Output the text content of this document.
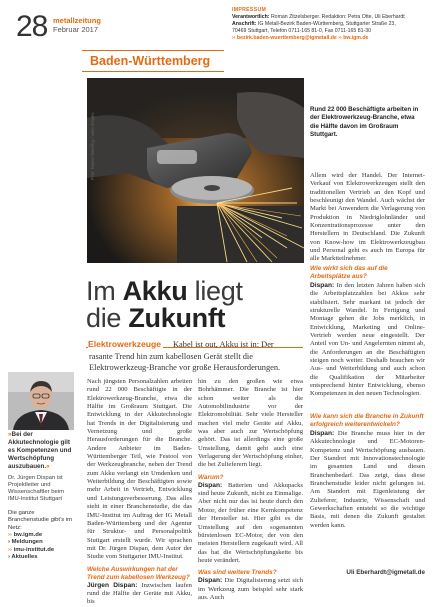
28 metallzeitung
Februar 2017
Baden-Württemberg
IMPRESSUM
Verantwortlich: Roman Zitzelsberger. Redaktion: Petra Otte, Uli Eberhardt
Anschrift: IG Metall-Bezirk Baden-Württemberg, Stuttgarter Straße 23,
70469 Stuttgart, Telefon 0711-165 81-0, Fax 0711-165 81-30
›› bezirk.baden-wuerttemberg@igmetall.de ›› bw.igm.de
Foto: Rainer Weisflog / vario images
Rund 22 000 Beschäftigte arbeiten in der Elektrowerkzeug-Branche, etwa die Hälfte davon im Großraum Stuttgart.
Allem wird der Handel. Der Internet-Verkauf von Elektrowerkzeugen stellt den traditionellen Vertrieb an den Kopf und beschleunigt den Wandel. Auch wächst der Markt bei Anwendern die Verlagerung von Produktion in Niedriglohnländer und Konzentrationsprozesse unter den Herstellern in Deutschland. Die Zukunft von Know-how im Elektrowerkzeugbau und Personal geht es auch im Europa für alle Marktteilnehmer.
Wie wirkt sich das auf die Arbeitsplätze aus?
Dispan: In den letzten Jahren haben sich die Arbeitsplatzzahlen bei Akkus sehr stabilisiert. Sehr markant ist jedoch der strukturelle Wandel. In Fertigung und Montage gehen die Jobs merklich, in Entwicklung, Marketing und Online-Vertrieb werden neue eingestellt. Der Anteil von Un- und Angelernten nimmt ab, die Anforderungen an die Beschäftigten steigen noch weiter. Deshalb brauchen wir Aus- und Weiterbildung und auch schon die Qualifikation der Mitarbeiter entsprechend hinter Entwicklung, ebenso Kompetenzen in den neuen Technologien.
Wie kann sich die Branche in Zukunft erfolgreich weiterentwickeln?
Dispan: Die Branche muss hier in der Akkutechnologie und EC-Motoren-Kompetenz und Wertschöpfung ausbauen. Der Standort mit Innovationstechnologie im gesamten Land und diesen Branchenbedarf. Das zeigt, dass diese Branchenstudie leider nicht gelungen ist. Am Standort mit Eigenleistung der Zulieferer, Industrie, Wissenschaft und Gewerkschaften entsteht so die wichtige Basis, mit denen die Zukunft gestaltet werden kann.
Uli Eberhardt@igmetall.de
Im Akku liegt
die Zukunft
Elektrowerkzeuge Kabel ist out, Akku ist in: Der
rasante Trend hin zum kabellosen Gerät stellt die
Elektrowerkzeug-Branche vor große Herausforderungen.
»Bei der Akkutechnologie gilt es Kompetenzen und Wertschöpfung auszubauen.«
Dr. Jürgen Dispan ist Projektleiter und Wissenschaftler beim IMU-Institut Stuttgart
Die ganze Branchenstudie gibt’s im Netz:
›› bw.igm.de
› Meldungen
›› imu-institut.de
› Aktuelles

Nach jüngsten Personalzahlen arbeiten rund 22 000 Beschäftigte in der Elektrowerkzeug-Branche, etwa die Hälfte im Großraum Stuttgart. Die Entwicklung in der Akkutechnologie hat Trends in der Digitalisierung und Vernetzung und große Herausforderungen für die Branche. Andere Anbieter im Baden-Württemberger Teil, wie Festool von der Werkzeugbranche, neben der Trend zum Akku verlangt ein Umdenken und Weiterbildung der Beschäftigten sowie mehr Arbeit in Vertrieb, Entwicklung und Leistungsverbesserung. Das alles steht in einer Branchenstudie, die das IMU-Institut im Auftrag der IG Metall Baden-Württemberg und der Agentur für Struktur- und Personalpolitik Stuttgart erstellt wurde. Wir sprachen mit Dr. Jürgen Dispan, dem Autor der Studie vom Stuttgarter IMU-Institut.

Welche Auswirkungen hat der Trend zum kabellosen Werkzeug?

Jürgen Dispan: Inzwischen laufen rund die Hälfte der Geräte mit Akku, bis

hin zu den großen wie etwa Bohrhämmer. Die Branche ist hier schon weiter als die Automobilindustrie vor der Elektromobilität. Sehr viele Hersteller machen viel mehr Geräte auf Akku, was aber auch zur Wertschöpfung gehört. Das ist allerdings eine große Umstellung, damit geht auch eine Verlagerung der Wertschöpfung einher, die bei Zulieferern liegt.

Warum?

Dispan: Batterien und Akkupacks sind heute Zukunft, nicht zu Einmalige. Aber nicht nur das ist heute durch den Motor, der früher eine Kernkompetenz der Hersteller ist. Hier gibt es die Umstellung auf den sogenannten bürstenlosen EC-Motor, der von den meisten Herstellern zugekauft wird. All das hat die Wertschöpfungskette bis heute verändert.

Was sind weitere Trends?

Dispan: Die Digitalisierung setzt sich im Werkzeug zum beispiel sehr stark aus. Auch
